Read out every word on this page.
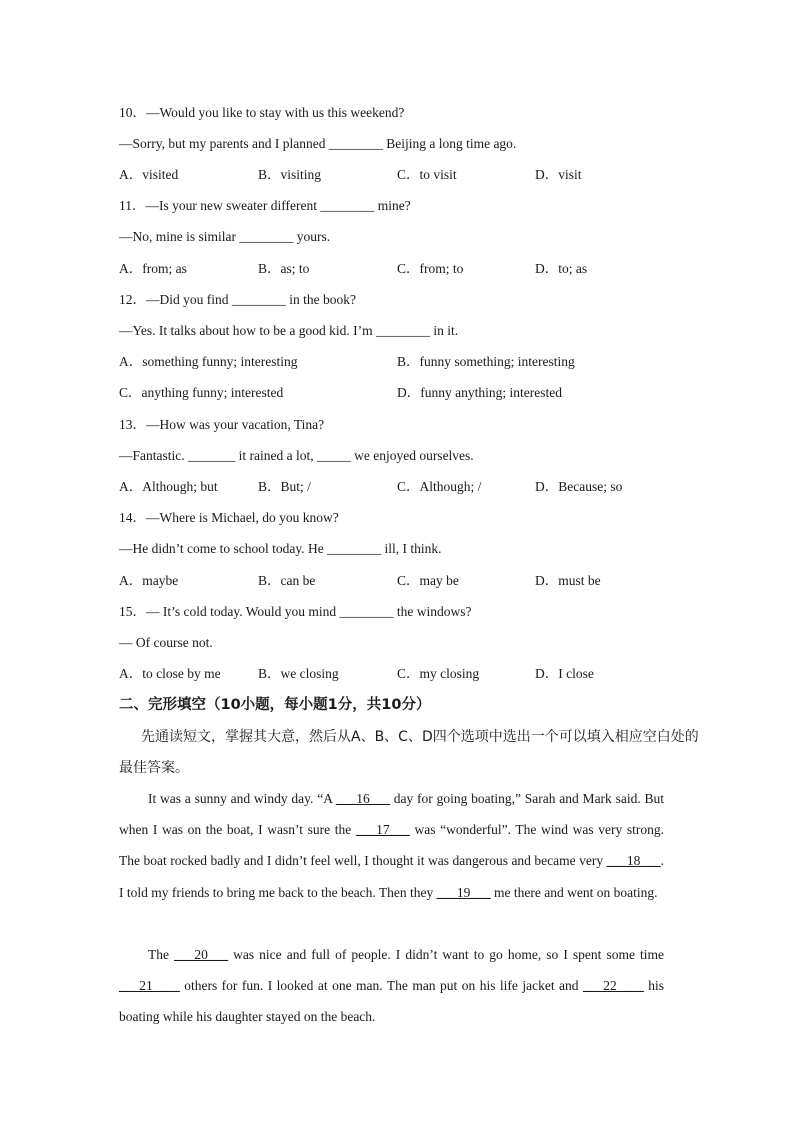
10．—Would you like to stay with us this weekend?
—Sorry, but my parents and I planned ________ Beijing a long time ago.
A．visited	B．visiting	C．to visit	D．visit
11．—Is your new sweater different ________ mine?
—No, mine is similar ________ yours.
A．from; as	B．as; to	C．from; to	D．to; as
12．—Did you find ________ in the book?
—Yes. It talks about how to be a good kid. I’m ________ in it.
A．something funny; interesting	B．funny something; interesting
C．anything funny; interested	D．funny anything; interested
13．—How was your vacation, Tina?
—Fantastic. _______ it rained a lot, _____ we enjoyed ourselves.
A．Although; but	B．But; /	C．Although; /	D．Because; so
14．—Where is Michael, do you know?
—He didn’t come to school today. He ________ ill, I think.
A．maybe	B．can be	C．may be	D．must be
15．— It’s cold today. Would you mind ________ the windows?
— Of course not.
A．to close by me	B．we closing	C．my closing	D．I close
二、完形填空（10小题，每小题1分，共10分）
先通读短文，掌握其大意，然后从A、B、C、D四个选项中选出一个可以填入相应空白处的最佳答案。
It was a sunny and windy day. “A ___16___ day for going boating,” Sarah and Mark said. But when I was on the boat, I wasn’t sure the ___17___ was “wonderful”. The wind was very strong. The boat rocked badly and I didn’t feel well, I thought it was dangerous and became very ___18___. I told my friends to bring me back to the beach. Then they ___19___ me there and went on boating.
The ___20___ was nice and full of people. I didn’t want to go home, so I spent some time ___21____ others for fun. I looked at one man. The man put on his life jacket and ___22____ his boating while his daughter stayed on the beach.
